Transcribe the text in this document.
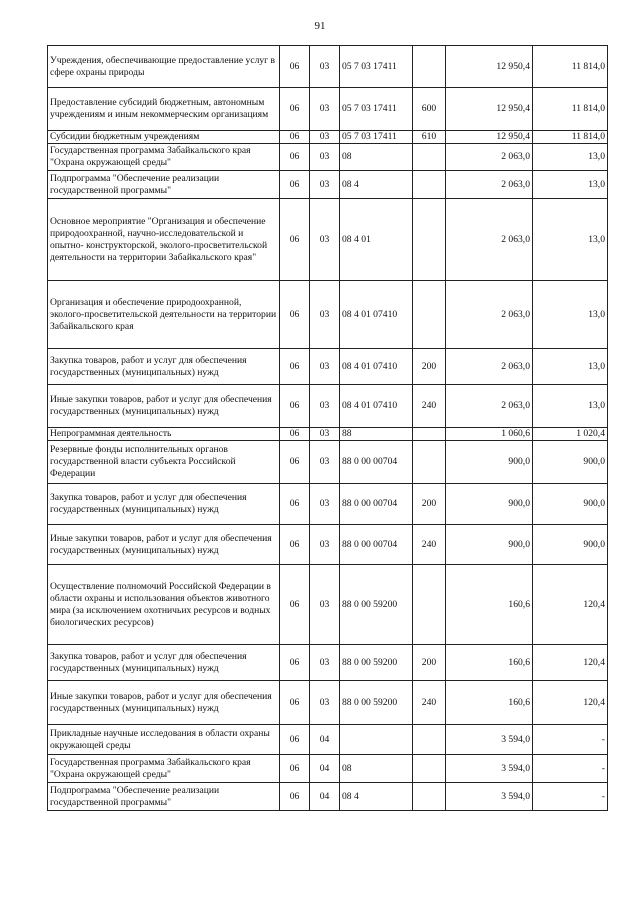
91
Учреждения, обеспечивающие предоставление услуг в сфере охраны природы	06	03	05 7 03 17411		12 950,4	11 814,0
Предоставление субсидий бюджетным, автономным учреждениям и иным некоммерческим организациям	06	03	05 7 03 17411	600	12 950,4	11 814,0
Субсидии бюджетным учреждениям	06	03	05 7 03 17411	610	12 950,4	11 814,0
Государственная программа Забайкальского края "Охрана окружающей среды"	06	03	08		2 063,0	13,0
Подпрограмма "Обеспечение реализации государственной программы"	06	03	08 4		2 063,0	13,0
Основное мероприятие "Организация и обеспечение природоохранной, научно-исследовательской и опытно- конструкторской, эколого-просветительской деятельности на территории Забайкальского края"	06	03	08 4 01		2 063,0	13,0
Организация и обеспечение природоохранной, эколого-просветительской деятельности на территории Забайкальского края	06	03	08 4 01 07410		2 063,0	13,0
Закупка товаров, работ и услуг для обеспечения государственных (муниципальных) нужд	06	03	08 4 01 07410	200	2 063,0	13,0
Иные закупки товаров, работ и услуг для обеспечения государственных (муниципальных) нужд	06	03	08 4 01 07410	240	2 063,0	13,0
Непрограммная деятельность	06	03	88		1 060,6	1 020,4
Резервные фонды исполнительных органов государственной власти субъекта Российской Федерации	06	03	88 0 00 00704		900,0	900,0
Закупка товаров, работ и услуг для обеспечения государственных (муниципальных) нужд	06	03	88 0 00 00704	200	900,0	900,0
Иные закупки товаров, работ и услуг для обеспечения государственных (муниципальных) нужд	06	03	88 0 00 00704	240	900,0	900,0
Осуществление полномочий Российской Федерации в области охраны и использования объектов животного мира (за исключением охотничьих ресурсов и водных биологических ресурсов)	06	03	88 0 00 59200		160,6	120,4
Закупка товаров, работ и услуг для обеспечения государственных (муниципальных) нужд	06	03	88 0 00 59200	200	160,6	120,4
Иные закупки товаров, работ и услуг для обеспечения государственных (муниципальных) нужд	06	03	88 0 00 59200	240	160,6	120,4
Прикладные научные исследования в области охраны окружающей среды	06	04			3 594,0	-
Государственная программа Забайкальского края "Охрана окружающей среды"	06	04	08		3 594,0	-
Подпрограмма "Обеспечение реализации государственной программы"	06	04	08 4		3 594,0	-
